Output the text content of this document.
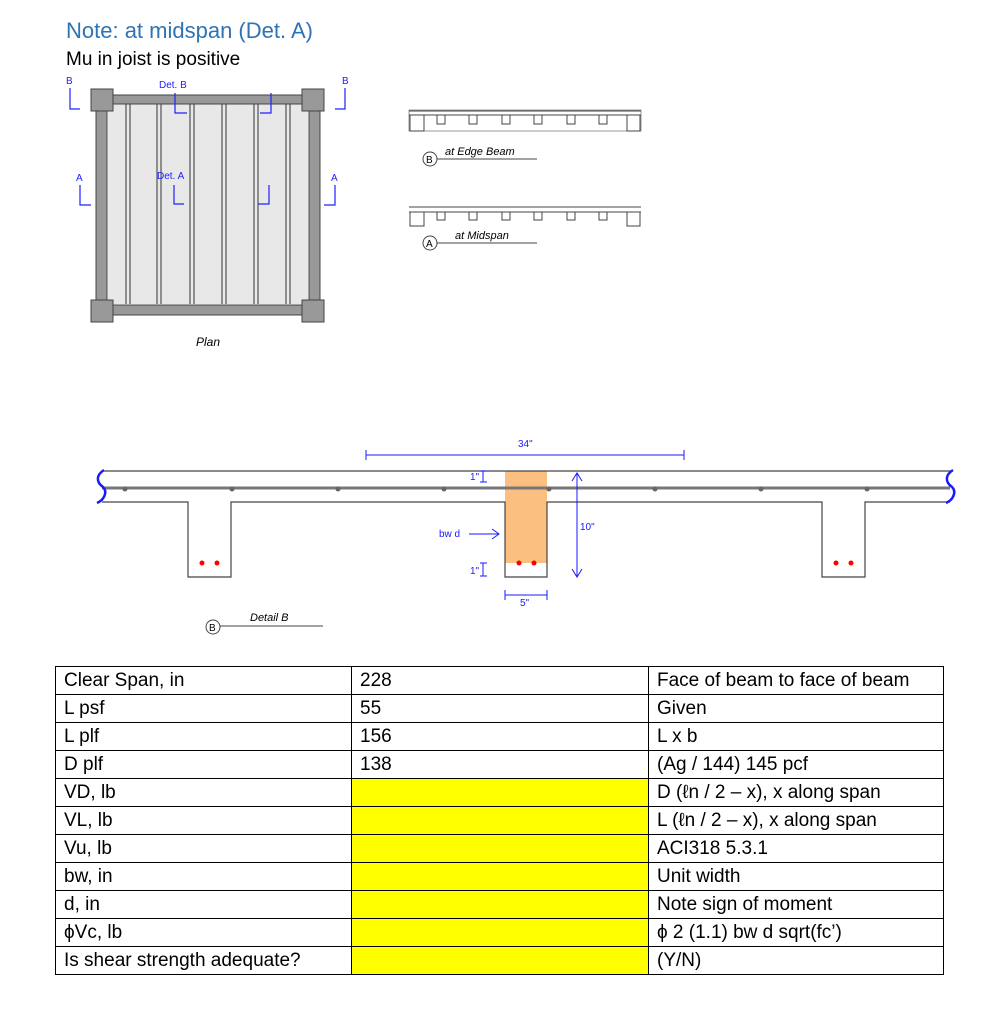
Note: at midspan (Det. A)
Mu in joist is positive
B	B
Det. B
A	A
Det. A
Plan
B
at Edge Beam
A
at Midspan
34"
10"
5"
1"
1"
bw d
B
Detail B
Clear Span, in	228	Face of beam to face of beam
L psf	55	Given
L plf	156	L x b
D plf	138	(Ag / 144) 145 pcf
VD, lb		D (ℓn / 2 – x), x along span
VL, lb		L (ℓn / 2 – x), x along span
Vu, lb		ACI318 5.3.1
bw, in		Unit width
d, in		Note sign of moment
ϕVc, lb		ϕ 2 (1.1) bw d sqrt(fc’)
Is shear strength adequate?		(Y/N)
